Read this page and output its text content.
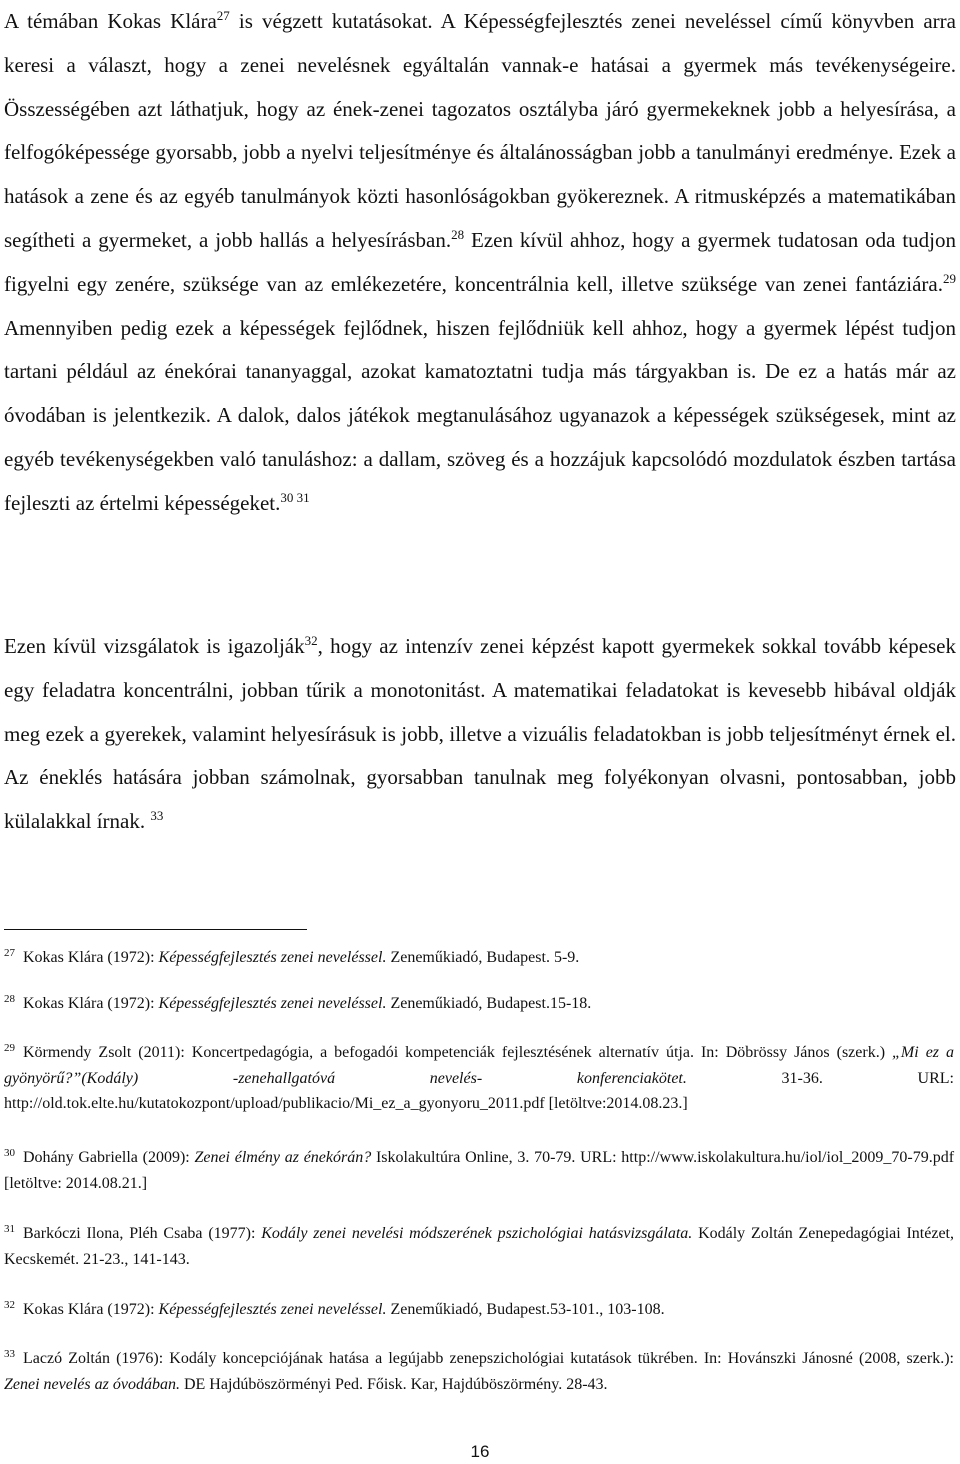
A témában Kokas Klára$^{27}$ is végzett kutatásokat. A Képességfejlesztés zenei neveléssel című könyvben arra keresi a választ, hogy a zenei nevelésnek egyáltalán vannak-e hatásai a gyermek más tevékenységeire. Összességében azt láthatjuk, hogy az ének-zenei tagozatos osztályba járó gyermekeknek jobb a helyesírása, a felfogóképessége gyorsabb, jobb a nyelvi teljesítménye és általánosságban jobb a tanulmányi eredménye. Ezek a hatások a zene és az egyéb tanulmányok közti hasonlóságokban gyökereznek. A ritmusképzés a matematikában segítheti a gyermeket, a jobb hallás a helyesírásban.$^{28}$ Ezen kívül ahhoz, hogy a gyermek tudatosan oda tudjon figyelni egy zenére, szüksége van az emlékezetére, koncentrálnia kell, illetve szüksége van zenei fantáziára.$^{29}$ Amennyiben pedig ezek a képességek fejlődnek, hiszen fejlődniük kell ahhoz, hogy a gyermek lépést tudjon tartani például az énekórai tananyaggal, azokat kamatoztatni tudja más tárgyakban is. De ez a hatás már az óvodában is jelentkezik. A dalok, dalos játékok megtanulásához ugyanazok a képességek szükségesek, mint az egyéb tevékenységekben való tanuláshoz: a dallam, szöveg és a hozzájuk kapcsolódó mozdulatok észben tartása fejleszti az értelmi képességeket.$^{30 31}$

Ezen kívül vizsgálatok is igazolják$^{32}$, hogy az intenzív zenei képzést kapott gyermekek sokkal tovább képesek egy feladatra koncentrálni, jobban tűrik a monotonitást. A matematikai feladatokat is kevesebb hibával oldják meg ezek a gyerekek, valamint helyesírásuk is jobb, illetve a vizuális feladatokban is jobb teljesítményt érnek el. Az éneklés hatására jobban számolnak, gyorsabban tanulnak meg folyékonyan olvasni, pontosabban, jobb külalakkal írnak. $^{33}$

$^{27}$ Kokas Klára (1972): Képességfejlesztés zenei neveléssel. Zeneműkiadó, Budapest. 5-9.

$^{28}$ Kokas Klára (1972): Képességfejlesztés zenei neveléssel. Zeneműkiadó, Budapest.15-18.

$^{29}$ Körmendy Zsolt (2011): Koncertpedagógia, a befogadói kompetenciák fejlesztésének alternatív útja. In: Döbrössy János (szerk.) „Mi ez a gyönyörű?”(Kodály) -zenehallgatóvá nevelés- konferenciakötet. 31-36. URL: http://old.tok.elte.hu/kutatokozpont/upload/publikacio/Mi_ez_a_gyonyoru_2011.pdf [letöltve:2014.08.23.]

$^{30}$ Dohány Gabriella (2009): Zenei élmény az énekórán? Iskolakultúra Online, 3. 70-79. URL: http://www.iskolakultura.hu/iol/iol_2009_70-79.pdf [letöltve: 2014.08.21.]

$^{31}$ Barkóczi Ilona, Pléh Csaba (1977): Kodály zenei nevelési módszerének pszichológiai hatásvizsgálata. Kodály Zoltán Zenepedagógiai Intézet, Kecskemét. 21-23., 141-143.

$^{32}$ Kokas Klára (1972): Képességfejlesztés zenei neveléssel. Zeneműkiadó, Budapest.53-101., 103-108.

$^{33}$ Laczó Zoltán (1976): Kodály koncepciójának hatása a legújabb zenepszichológiai kutatások tükrében. In: Hovánszki Jánosné (2008, szerk.): Zenei nevelés az óvodában. DE Hajdúböszörményi Ped. Főisk. Kar, Hajdúböszörmény. 28-43.

16
